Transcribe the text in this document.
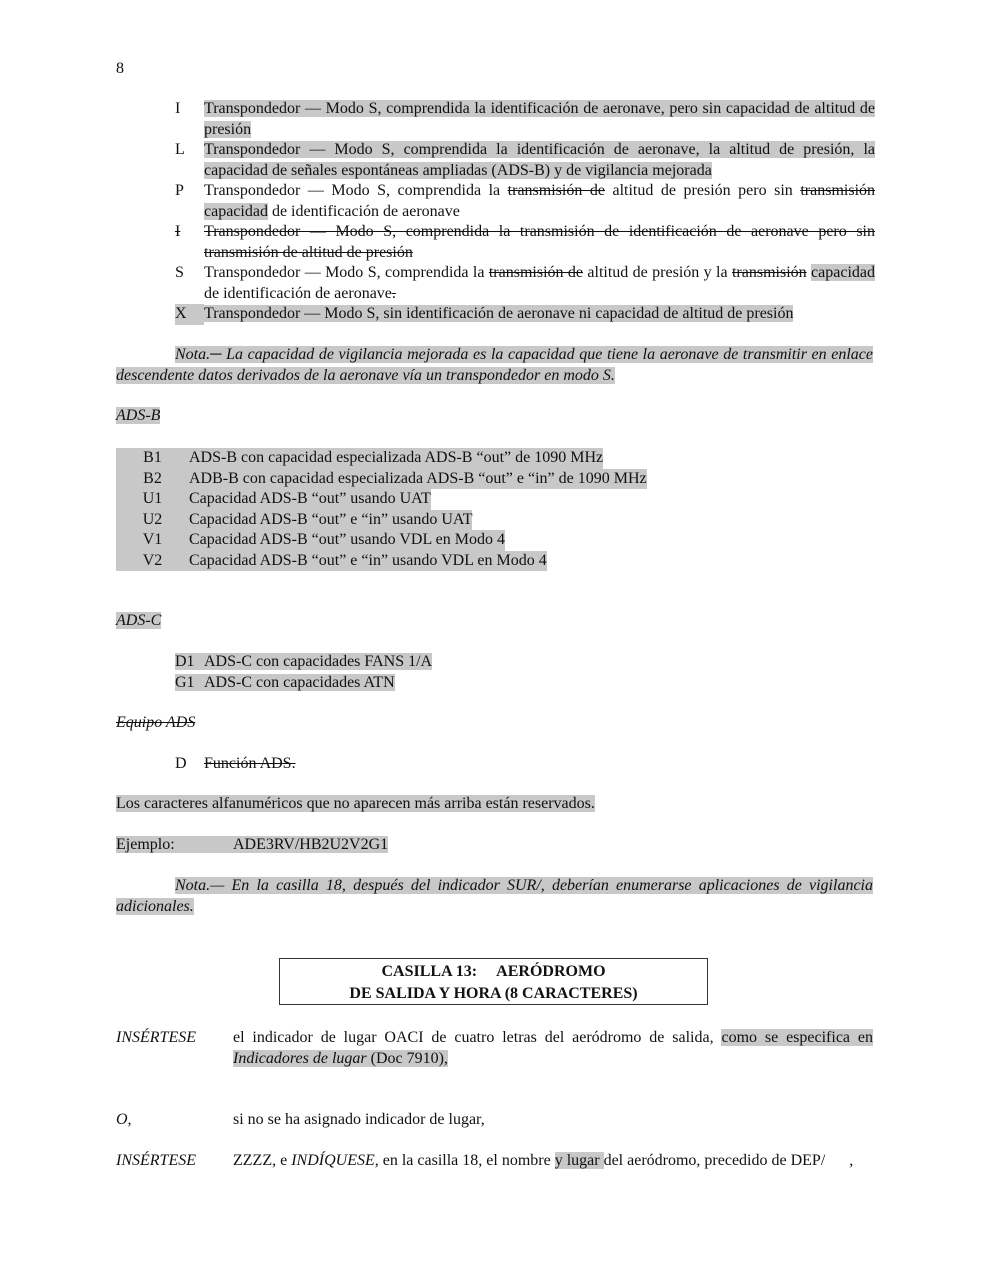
8
I	Transpondedor — Modo S, comprendida la identificación de aeronave, pero sin capacidad de altitud de presión
L	Transpondedor — Modo S, comprendida la identificación de aeronave, la altitud de presión, la capacidad de señales espontáneas ampliadas (ADS-B) y de vigilancia mejorada
P	Transpondedor — Modo S, comprendida la transmisión de altitud de presión pero sin transmisión capacidad de identificación de aeronave
I	Transpondedor — Modo S, comprendida la transmisión de identificación de aeronave pero sin transmisión de altitud de presión
S	Transpondedor — Modo S, comprendida la transmisión de altitud de presión y la transmisión capacidad de identificación de aeronave.
X	Transpondedor — Modo S, sin identificación de aeronave ni capacidad de altitud de presión
Nota.─ La capacidad de vigilancia mejorada es la capacidad que tiene la aeronave de transmitir en enlace descendente datos derivados de la aeronave vía un transpondedor en modo S.
ADS-B
B1 ADS-B con capacidad especializada ADS-B “out” de 1090 MHz
B2 ADB-B con capacidad especializada ADS-B “out” e “in” de 1090 MHz
U1 Capacidad ADS-B “out” usando UAT
U2 Capacidad ADS-B “out” e “in” usando UAT
V1 Capacidad ADS-B “out” usando VDL en Modo 4
V2 Capacidad ADS-B “out” e “in” usando VDL en Modo 4
ADS-C
D1 ADS-C con capacidades FANS 1/A
G1 ADS-C con capacidades ATN
Equipo ADS
D Función ADS.
Los caracteres alfanuméricos que no aparecen más arriba están reservados.
Ejemplo:	ADE3RV/HB2U2V2G1
Nota.— En la casilla 18, después del indicador SUR/, deberían enumerarse aplicaciones de vigilancia adicionales.
CASILLA 13:     AERÓDROMO
DE SALIDA Y HORA (8 CARACTERES)
INSÉRTESE	el indicador de lugar OACI de cuatro letras del aeródromo de salida, como se especifica en Indicadores de lugar (Doc 7910),
O,	si no se ha asignado indicador de lugar,
INSÉRTESE	ZZZZ, e INDÍQUESE, en la casilla 18, el nombre y lugar del aeródromo, precedido de DEP/      ,
